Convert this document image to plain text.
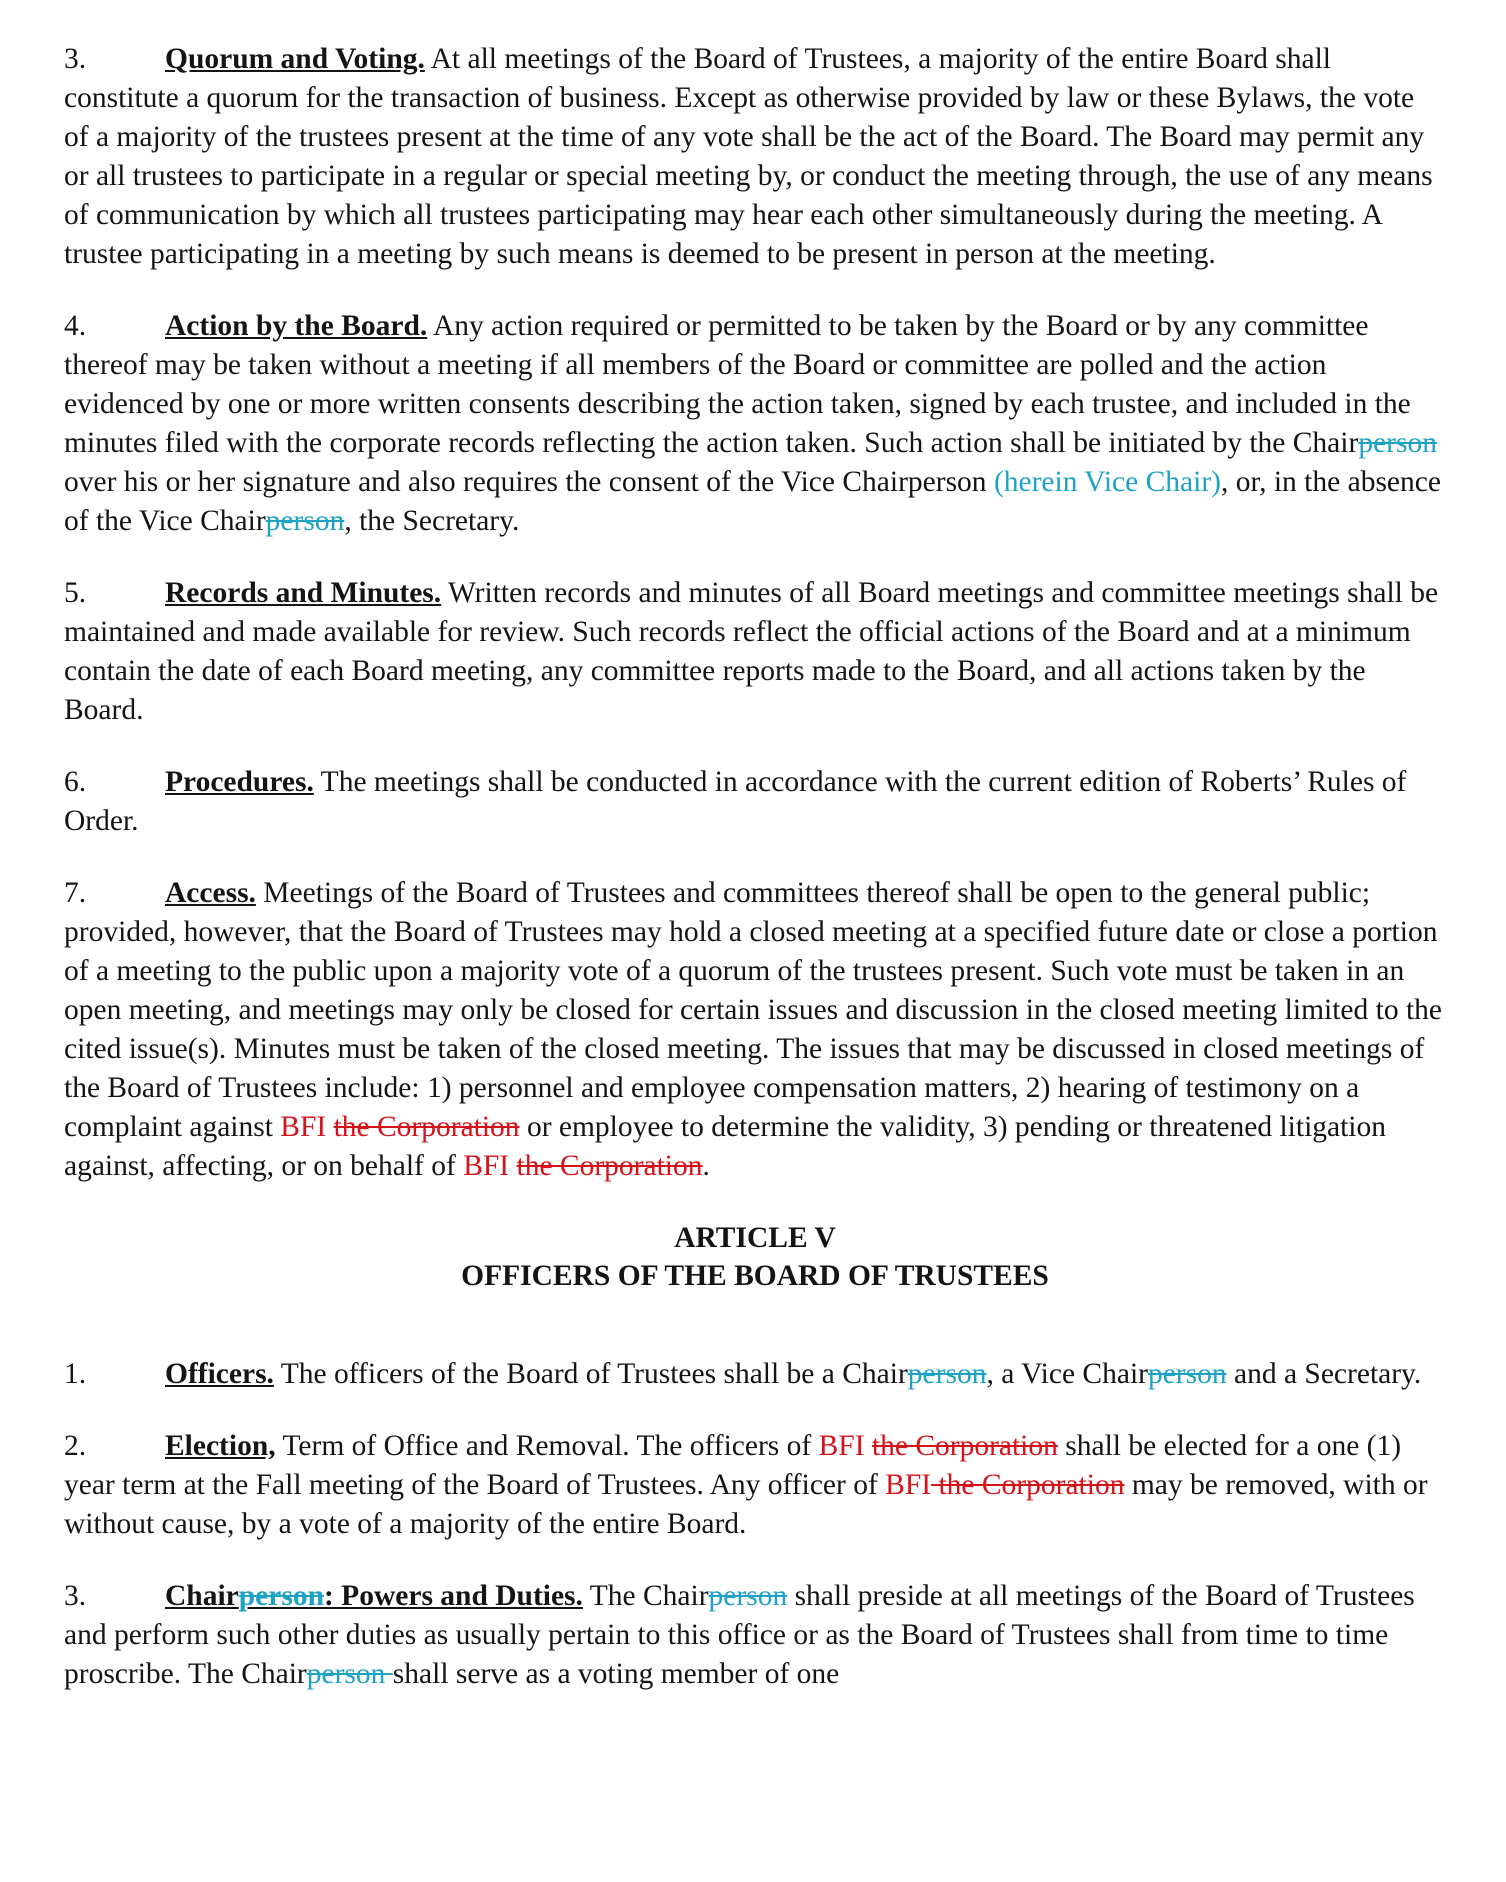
3.	Quorum and Voting. At all meetings of the Board of Trustees, a majority of the entire Board shall constitute a quorum for the transaction of business. Except as otherwise provided by law or these Bylaws, the vote of a majority of the trustees present at the time of any vote shall be the act of the Board. The Board may permit any or all trustees to participate in a regular or special meeting by, or conduct the meeting through, the use of any means of communication by which all trustees participating may hear each other simultaneously during the meeting. A trustee participating in a meeting by such means is deemed to be present in person at the meeting.

4.	Action by the Board. Any action required or permitted to be taken by the Board or by any committee thereof may be taken without a meeting if all members of the Board or committee are polled and the action evidenced by one or more written consents describing the action taken, signed by each trustee, and included in the minutes filed with the corporate records reflecting the action taken. Such action shall be initiated by the Chairperson over his or her signature and also requires the consent of the Vice Chairperson (herein Vice Chair), or, in the absence of the Vice Chairperson, the Secretary.

5.	Records and Minutes. Written records and minutes of all Board meetings and committee meetings shall be maintained and made available for review. Such records reflect the official actions of the Board and at a minimum contain the date of each Board meeting, any committee reports made to the Board, and all actions taken by the Board.

6.	Procedures. The meetings shall be conducted in accordance with the current edition of Roberts’ Rules of Order.

7.	Access. Meetings of the Board of Trustees and committees thereof shall be open to the general public; provided, however, that the Board of Trustees may hold a closed meeting at a specified future date or close a portion of a meeting to the public upon a majority vote of a quorum of the trustees present. Such vote must be taken in an open meeting, and meetings may only be closed for certain issues and discussion in the closed meeting limited to the cited issue(s). Minutes must be taken of the closed meeting. The issues that may be discussed in closed meetings of the Board of Trustees include: 1) personnel and employee compensation matters, 2) hearing of testimony on a complaint against BFI the Corporation or employee to determine the validity, 3) pending or threatened litigation against, affecting, or on behalf of BFI the Corporation.

ARTICLE V
OFFICERS OF THE BOARD OF TRUSTEES

1.	Officers. The officers of the Board of Trustees shall be a Chairperson, a Vice Chairperson and a Secretary.

2.	Election, Term of Office and Removal. The officers of BFI the Corporation shall be elected for a one (1) year term at the Fall meeting of the Board of Trustees. Any officer of BFI the Corporation may be removed, with or without cause, by a vote of a majority of the entire Board.

3.	Chairperson: Powers and Duties. The Chairperson shall preside at all meetings of the Board of Trustees and perform such other duties as usually pertain to this office or as the Board of Trustees shall from time to time proscribe. The Chairperson shall serve as a voting member of one
